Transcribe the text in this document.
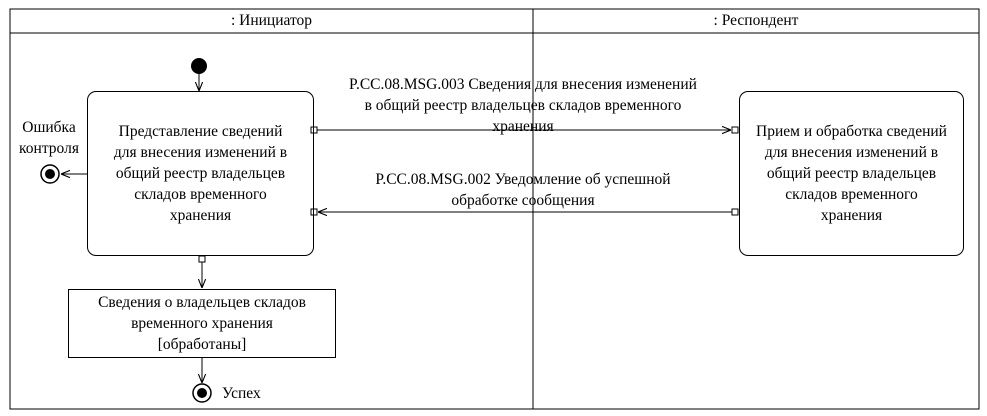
: Инициатор	: Респондент
Представление сведений
для внесения изменений в
общий реестр владельцев
складов временного
хранения
Прием и обработка сведений
для внесения изменений в
общий реестр владельцев
складов временного
хранения
P.CC.08.MSG.003 Сведения для внесения изменений
в общий реестр владельцев складов временного
хранения
P.CC.08.MSG.002 Уведомление об успешной
обработке сообщения
Ошибка
контроля
Сведения о владельцев складов
временного хранения
[обработаны]
Успех
